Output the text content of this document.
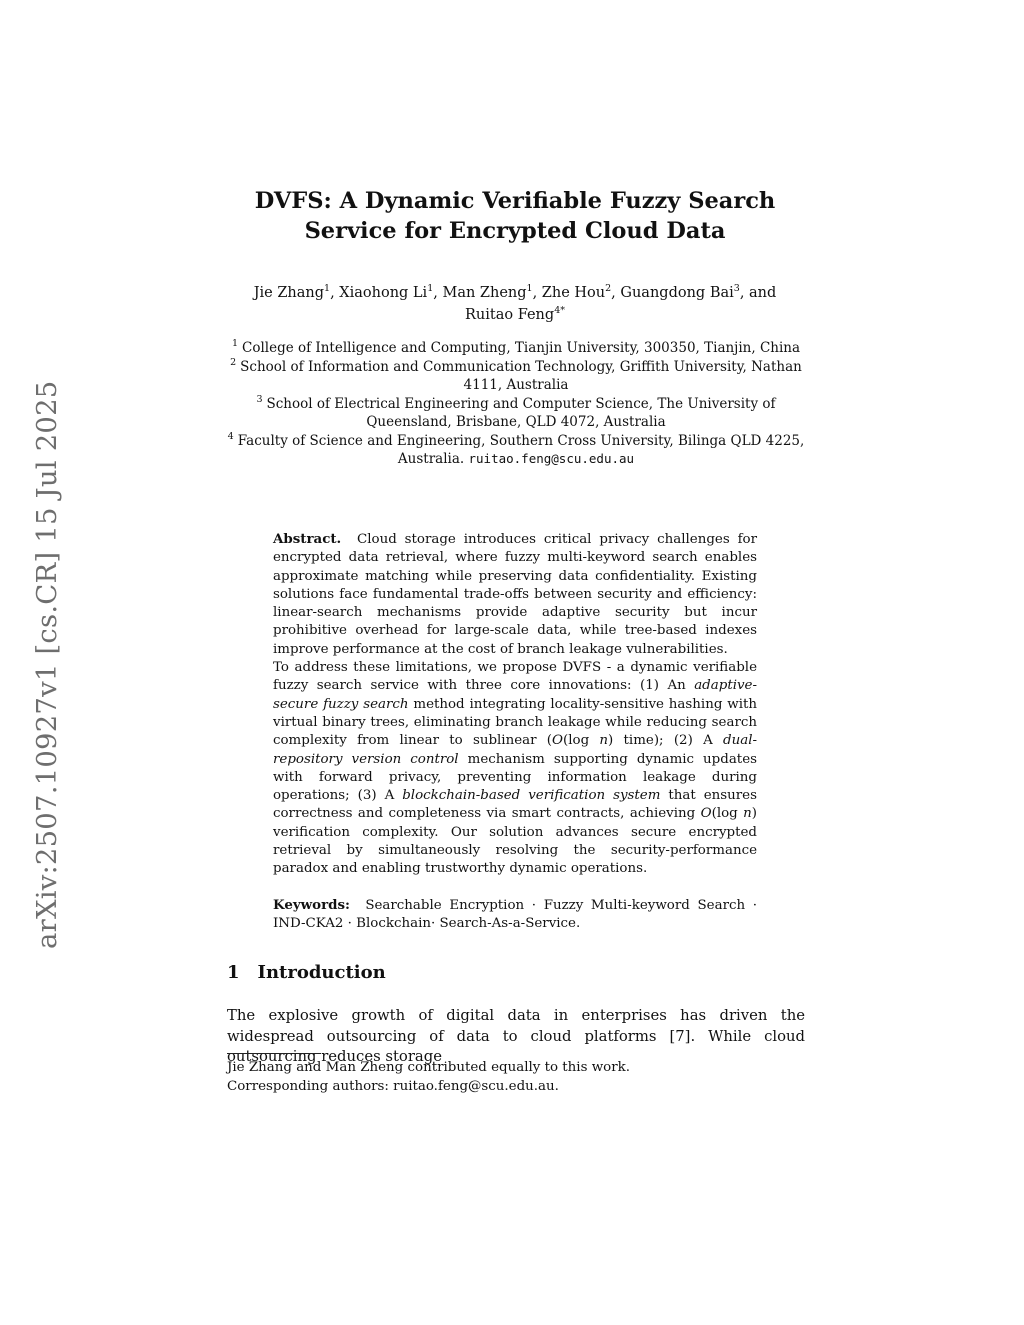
arXiv:2507.10927v1 [cs.CR] 15 Jul 2025
DVFS: A Dynamic Verifiable Fuzzy Search
Service for Encrypted Cloud Data
Jie Zhang$^1$, Xiaohong Li$^1$, Man Zheng$^1$, Zhe Hou$^2$, Guangdong Bai$^3$, and
Ruitao Feng$^{4*}$

$^1$ College of Intelligence and Computing, Tianjin University, 300350, Tianjin, China

$^2$ School of Information and Communication Technology, Griffith University, Nathan 4111, Australia

$^3$ School of Electrical Engineering and Computer Science, The University of Queensland, Brisbane, QLD 4072, Australia

$^4$ Faculty of Science and Engineering, Southern Cross University, Bilinga QLD 4225, Australia. ruitao.feng@scu.edu.au

Abstract. Cloud storage introduces critical privacy challenges for encrypted data retrieval, where fuzzy multi-keyword search enables approximate matching while preserving data confidentiality. Existing solutions face fundamental trade-offs between security and efficiency: linear-search mechanisms provide adaptive security but incur prohibitive overhead for large-scale data, while tree-based indexes improve performance at the cost of branch leakage vulnerabilities.

To address these limitations, we propose DVFS - a dynamic verifiable fuzzy search service with three core innovations: (1) An adaptive-secure fuzzy search method integrating locality-sensitive hashing with virtual binary trees, eliminating branch leakage while reducing search complexity from linear to sublinear (O(log n) time); (2) A dual-repository version control mechanism supporting dynamic updates with forward privacy, preventing information leakage during operations; (3) A blockchain-based verification system that ensures correctness and completeness via smart contracts, achieving O(log n) verification complexity. Our solution advances secure encrypted retrieval by simultaneously resolving the security-performance paradox and enabling trustworthy dynamic operations.

Keywords: Searchable Encryption · Fuzzy Multi-keyword Search · IND-CKA2 · Blockchain· Search-As-a-Service.
1 Introduction

The explosive growth of digital data in enterprises has driven the widespread outsourcing of data to cloud platforms [7]. While cloud outsourcing reduces storage

Jie Zhang and Man Zheng contributed equally to this work.

Corresponding authors: ruitao.feng@scu.edu.au.
